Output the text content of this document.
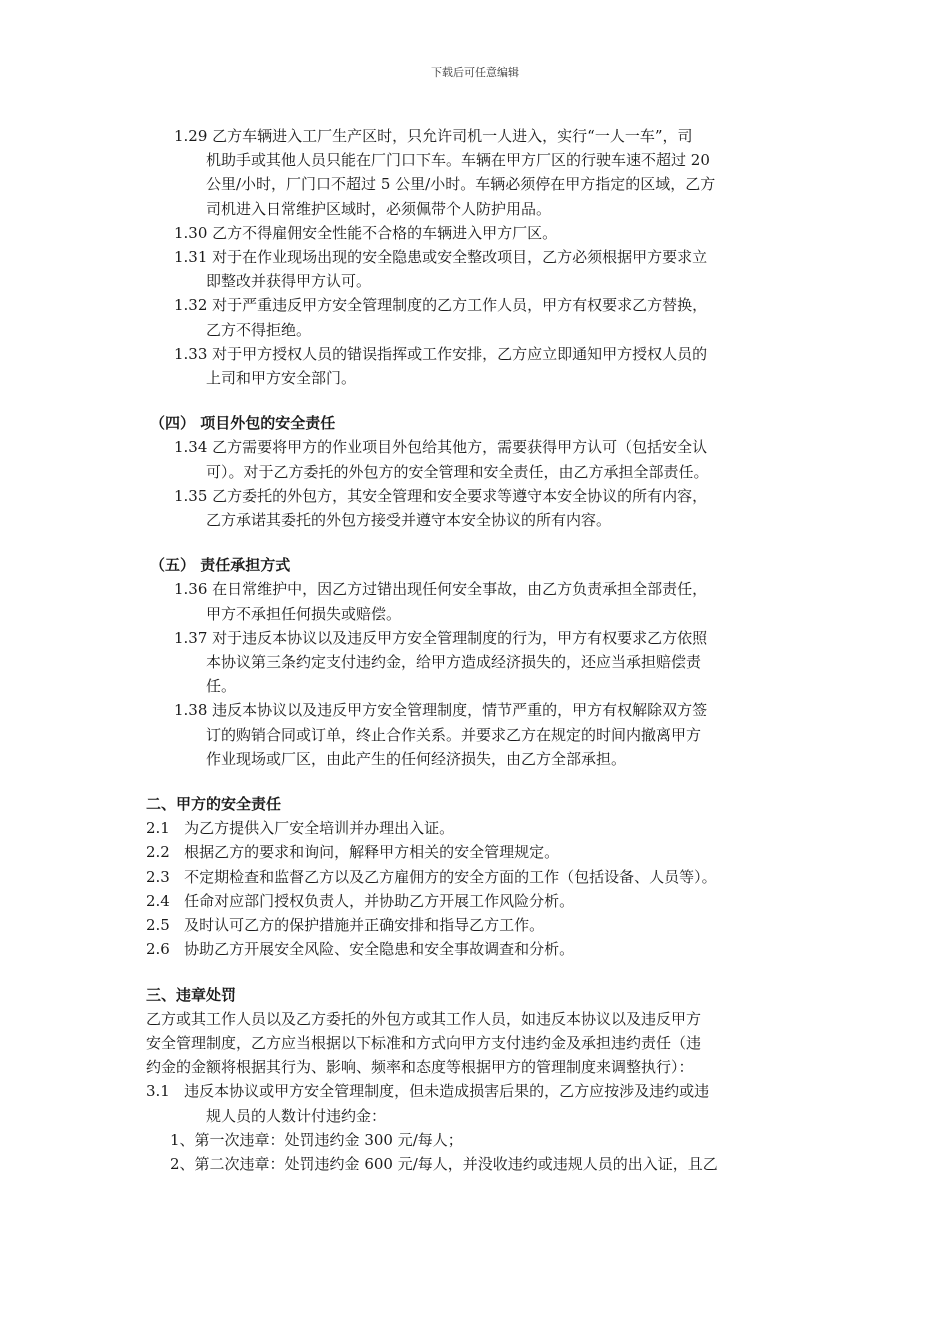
下载后可任意编辑

1.29 乙方车辆进入工厂生产区时，只允许司机一人进入，实行“一人一车”，司

机助手或其他人员只能在厂门口下车。车辆在甲方厂区的行驶车速不超过 20

公里/小时，厂门口不超过 5 公里/小时。车辆必须停在甲方指定的区域，乙方

司机进入日常维护区域时，必须佩带个人防护用品。

1.30 乙方不得雇佣安全性能不合格的车辆进入甲方厂区。

1.31 对于在作业现场出现的安全隐患或安全整改项目，乙方必须根据甲方要求立

即整改并获得甲方认可。

1.32 对于严重违反甲方安全管理制度的乙方工作人员，甲方有权要求乙方替换，

乙方不得拒绝。

1.33 对于甲方授权人员的错误指挥或工作安排，乙方应立即通知甲方授权人员的

上司和甲方安全部门。

（四） 项目外包的安全责任

1.34 乙方需要将甲方的作业项目外包给其他方，需要获得甲方认可（包括安全认

可）。对于乙方委托的外包方的安全管理和安全责任，由乙方承担全部责任。

1.35 乙方委托的外包方，其安全管理和安全要求等遵守本安全协议的所有内容，

乙方承诺其委托的外包方接受并遵守本安全协议的所有内容。

（五） 责任承担方式

1.36 在日常维护中，因乙方过错出现任何安全事故，由乙方负责承担全部责任，

甲方不承担任何损失或赔偿。

1.37 对于违反本协议以及违反甲方安全管理制度的行为，甲方有权要求乙方依照

本协议第三条约定支付违约金，给甲方造成经济损失的，还应当承担赔偿责

任。

1.38 违反本协议以及违反甲方安全管理制度，情节严重的，甲方有权解除双方签

订的购销合同或订单，终止合作关系。并要求乙方在规定的时间内撤离甲方

作业现场或厂区，由此产生的任何经济损失，由乙方全部承担。

二、甲方的安全责任

2.1   为乙方提供入厂安全培训并办理出入证。

2.2   根据乙方的要求和询问，解释甲方相关的安全管理规定。

2.3   不定期检查和监督乙方以及乙方雇佣方的安全方面的工作（包括设备、人员等）。

2.4   任命对应部门授权负责人，并协助乙方开展工作风险分析。

2.5   及时认可乙方的保护措施并正确安排和指导乙方工作。

2.6   协助乙方开展安全风险、安全隐患和安全事故调查和分析。

三、违章处罚

乙方或其工作人员以及乙方委托的外包方或其工作人员，如违反本协议以及违反甲方

安全管理制度，乙方应当根据以下标准和方式向甲方支付违约金及承担违约责任（违

约金的金额将根据其行为、影响、频率和态度等根据甲方的管理制度来调整执行）：

3.1   违反本协议或甲方安全管理制度，但未造成损害后果的，乙方应按涉及违约或违

规人员的人数计付违约金：

1、第一次违章：处罚违约金 300 元/每人；

2、第二次违章：处罚违约金 600 元/每人，并没收违约或违规人员的出入证，且乙
